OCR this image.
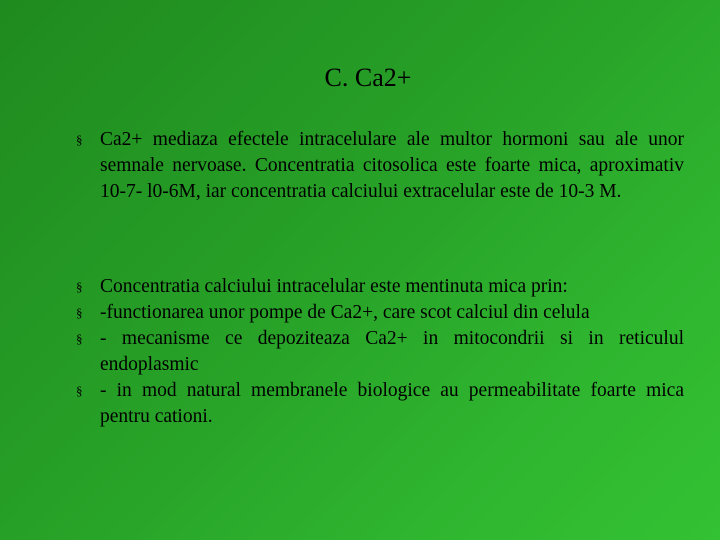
C. Ca2+
§ Ca2+ mediaza efectele intracelulare ale multor hormoni sau ale unor semnale nervoase. Concentratia citosolica este foarte mica, aproximativ 10-7- l0-6M, iar concentratia calciului extracelular este de 10-3 M.
§ Concentratia calciului intracelular este mentinuta mica prin:
§ -functionarea unor pompe de Ca2+, care scot calciul din celula
§ - mecanisme ce depoziteaza Ca2+ in mitocondrii si in reticulul endoplasmic
§ - in mod natural membranele biologice au permeabilitate foarte mica pentru cationi.
